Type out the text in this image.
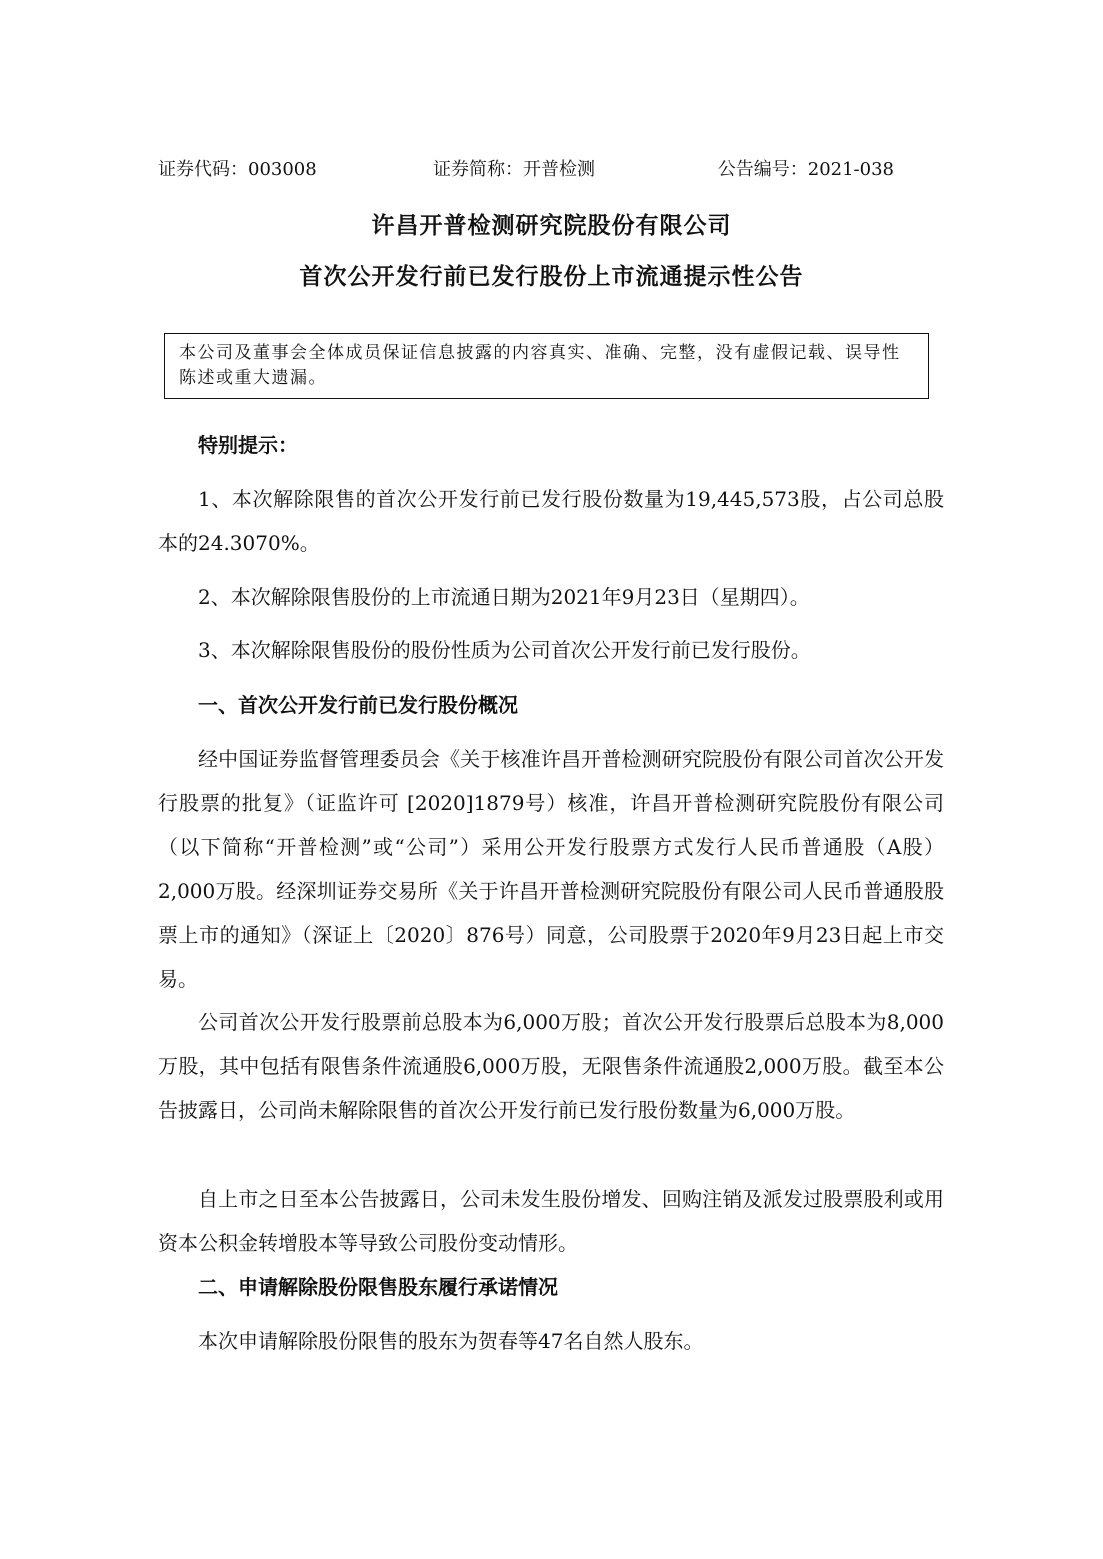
证券代码：003008	证券简称：开普检测	公告编号：2021-038
许昌开普检测研究院股份有限公司
首次公开发行前已发行股份上市流通提示性公告
本公司及董事会全体成员保证信息披露的内容真实、准确、完整，没有虚假记载、误导性陈述或重大遗漏。

特别提示：

1、本次解除限售的首次公开发行前已发行股份数量为19,445,573股，占公司总股本的24.3070%。

2、本次解除限售股份的上市流通日期为2021年9月23日（星期四）。

3、本次解除限售股份的股份性质为公司首次公开发行前已发行股份。

一、首次公开发行前已发行股份概况

经中国证券监督管理委员会《关于核准许昌开普检测研究院股份有限公司首次公开发行股票的批复》（证监许可 [2020]1879号）核准，许昌开普检测研究院股份有限公司（以下简称“开普检测”或“公司”）采用公开发行股票方式发行人民币普通股（A股）2,000万股。经深圳证券交易所《关于许昌开普检测研究院股份有限公司人民币普通股股票上市的通知》（深证上〔2020〕876号）同意，公司股票于2020年9月23日起上市交易。

公司首次公开发行股票前总股本为6,000万股；首次公开发行股票后总股本为8,000万股，其中包括有限售条件流通股6,000万股，无限售条件流通股2,000万股。截至本公告披露日，公司尚未解除限售的首次公开发行前已发行股份数量为6,000万股。

自上市之日至本公告披露日，公司未发生股份增发、回购注销及派发过股票股利或用资本公积金转增股本等导致公司股份变动情形。

二、申请解除股份限售股东履行承诺情况

本次申请解除股份限售的股东为贺春等47名自然人股东。
